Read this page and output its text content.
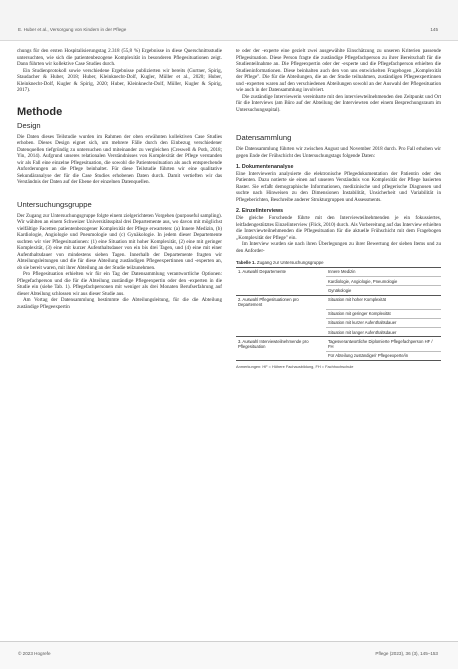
E. Huber et al., Versorgung von Kindern in der Pflege	145

chungs für den ersten Hospitalisierungstag 2.318 (55,8 %) Ergebnisse in diese Querschnittsstudie untersuchten, wie sich die patientenbezogene Komplexität in besonderen Pflegesituationen zeigt. Dann führten wir kollektive Case Studies durch.

Ein Studienprotokoll sowie verschiedene Ergebnisse publizierten wir bereits (Gurtner, Spirig, Staudacher & Huber, 2018; Huber, Kleinknecht-Dolf, Kugler, Müller et al., 2020; Huber, Kleinknecht-Dolf, Kugler & Spirig, 2020; Huber, Kleinknecht-Dolf, Müller, Kugler & Spirig, 2017).

Methode
Design

Die Daten dieses Teilstudie wurden im Rahmen der oben erwähnten kollektiven Case Studies erhoben. Dieses Design eignet sich, um mehrere Fälle durch den Einbezug verschiedener Datenquellen tiefgründig zu untersuchen und miteinander zu vergleichen (Creswell & Poth, 2018; Yin, 2014). Aufgrund unseres relationalen Verständnisses von Komplexität der Pflege verstanden wir als Fall eine einzelne Pflegesituation, die sowohl die Patientensituation als auch entsprechende Anforderungen an die Pflege beinhaltet. Für diese Teilstudie führten wir eine qualitative Sekundäranalyse der für die Case Studies erhobenen Daten durch. Damit vertieften wir das Verständnis der Daten auf der Ebene der einzelnen Datenquellen.

Untersuchungsgruppe

Der Zugang zur Untersuchungsgruppe folgte einem zielgerichteten Vorgehen (purposeful sampling). Wir wählten an einem Schweizer Universitätsspital drei Departemente aus, wo davon mit möglichst vielfältige Facetten patientenbezogener Komplexität der Pflege erwarteten: (a) Innere Medizin, (b) Kardiologie, Angiologie und Pneumologie und (c) Gynäkologie. In jedem dieser Departemente suchten wir vier Pflegesituationen: (1) eine Situation mit hoher Komplexität, (2) eine mit geringer Komplexität, (3) eine mit kurzer Aufenthaltsdauer von ein bis drei Tagen, und (4) eine mit einer Aufenthaltsdauer von mindestens sieben Tagen. Innerhalb der Departemente fragten wir Abteilungsleitungen und die für diese Abteilung zuständigen Pflegeexpertinnen und -experten an, ob sie bereit waren, mit ihrer Abteilung an der Studie teilzunehmen.

Pro Pflegesituation erhielten wir für ein Tag der Datensammlung verantwortliche Optionen: Pflegefachperson und die für die Abteilung zuständige Pflegeexpertin oder den -experten in die Studie ein (siehe Tab. 1). Pflegefachpersonen mit weniger als drei Monaten Berufserfahrung auf dieser Abteilung schlossen wir aus dieser Studie aus.

Am Vortag der Datensammlung bestimmte die Abteilungsleitung, für die die Abteilung zuständige Pflegeexpertin

te oder der -experte eine gezielt zwei ausgewählte Einschätzung zu unseren Kriterien passende Pflegesituation. Diese Person fragte die zuständige Pflegefachperson zu ihrer Bereitschaft für die Studienteilnahme an. Die Pflegeexpertin oder der -experte und die Pflegefachperson erhielten die Studieninformationen. Diese beinhalten auch den von uns entwickelten Fragebogen „Komplexität der Pflege". Die für die Abteilungen, die an der Studie teilnahmen, zuständigen Pflegeexpertinnen und -experten waren auf den verschiedenen Abteilungen sowohl an der Auswahl der Pflegesituation wie auch in der Datensammlung involviert.

Die zuständige Interviewerin vereinbarte mit den interviewteilnehmenden den Zeitpunkt und Ort für die Interviews (am Büro auf der Abteilung der Interviewten oder einem Besprechungsraum im Untersuchungsspital).

Datensammlung

Die Datensammlung führten wir zwischen August und November 2018 durch. Pro Fall erhoben wir gegen Ende der Frühschicht des Untersuchungstags folgende Daten:

1. Dokumentenanalyse

Eine Interviewerin analysierte die elektronische Pflegedokumentation der Patientin oder des Patienten. Dazu notierte sie einen auf unseren Verständnis von Komplexität der Pflege basierten Raster. Sie erfaßt demographische Informationen, medizinische und pflegerische Diagnosen und suchte nach Hinweisen zu den Dimensionen Instabilität, Unsicherheit und Variabilität in Pflegeberichten, Beschreibe anderer Strukturgruppen und Assessments.

2. Einzelinterviews

Die gleiche Forschende führte mit den Interviewteilnehmenden je ein fokussiertes, leitfadengestütztes Einzelinterview (Flick, 2010) durch. Als Vorbereitung auf das Interview erhielten die Interviewteilnehmenden die Pflegesituation für die aktuelle Frühschicht mit dem Fragebogen „Komplexität der Pflege" ein.

Im Interview wurden sie nach ihren Überlegungen zu ihrer Bewertung der sieben Items und zu den Anforder-

Tabelle 1. Zugang zur Untersuchungsgruppe
1. Auswahl Departemente	Innere Medizin
	Kardiologie, Angiologie, Pneumologie
	Gynäkologie
2. Auswahl Pflegesituationen pro Departement	Situation mit hoher Komplexität
	Situation mit geringer Komplexität
	Situation mit kurzer Aufenthaltsdauer
	Situation mit langer Aufenthaltsdauer
3. Auswahl Interviewteilnehmende pro Pflegesituation	Tagesverantwortliche Diplomierte Pflegefachperson HF / FH
	Für Abteilung zuständige/r Pflegeexperte/in
Anmerkungen: HF = Höhere Fachausbildung, FH = Fachhochschule
© 2023 Hogrefe	Pflege (2023), 36 (3), 145–153
